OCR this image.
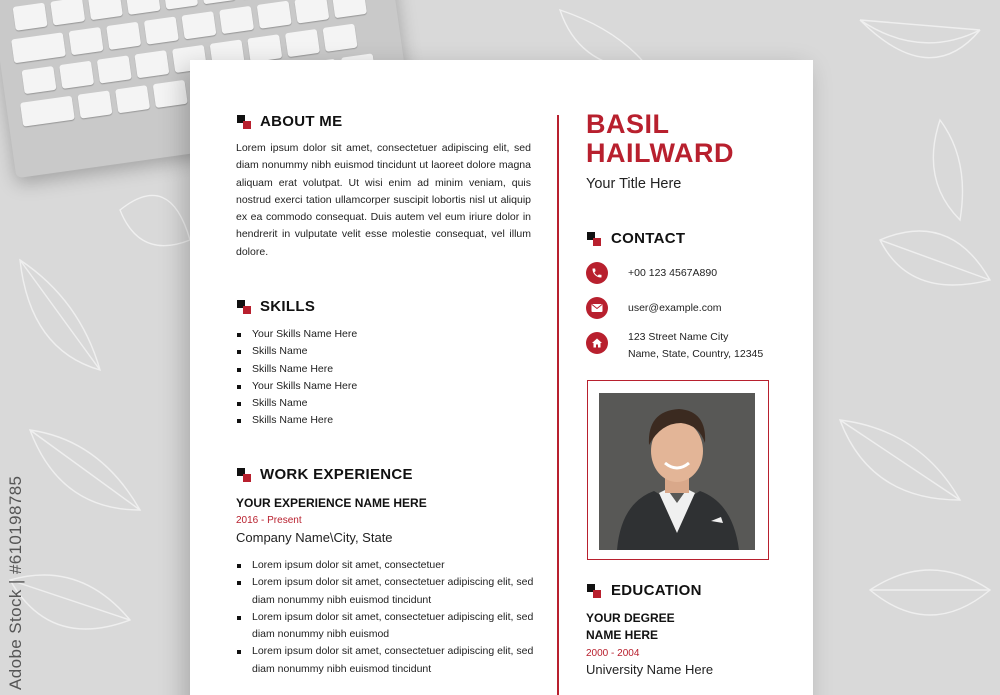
ABOUT ME
Lorem ipsum dolor sit amet, consectetuer adipiscing elit, sed diam nonummy nibh euismod tincidunt ut laoreet dolore magna aliquam erat volutpat. Ut wisi enim ad minim veniam, quis nostrud exerci tation ullamcorper suscipit lobortis nisl ut aliquip ex ea commodo consequat. Duis autem vel eum iriure dolor in hendrerit in vulputate velit esse molestie consequat, vel illum dolore.
SKILLS
Your Skills Name Here
Skills Name
Skills Name Here
Your Skills Name Here
Skills Name
Skills Name Here
WORK EXPERIENCE
YOUR EXPERIENCE NAME HERE
2016 - Present
Company Name\City, State
Lorem ipsum dolor sit amet, consectetuer
Lorem ipsum dolor sit amet, consectetuer adipiscing elit, sed diam nonummy nibh euismod tincidunt
Lorem ipsum dolor sit amet, consectetuer adipiscing elit, sed diam nonummy nibh euismod
Lorem ipsum dolor sit amet, consectetuer adipiscing elit, sed diam nonummy nibh euismod tincidunt
BASIL
HAILWARD
Your Title Here
CONTACT
+00 123 4567A890
user@example.com
123 Street Name City
Name, State, Country, 12345
EDUCATION
YOUR DEGREE
NAME HERE
2000 - 2004
University Name Here
Adobe Stock | #610198785
